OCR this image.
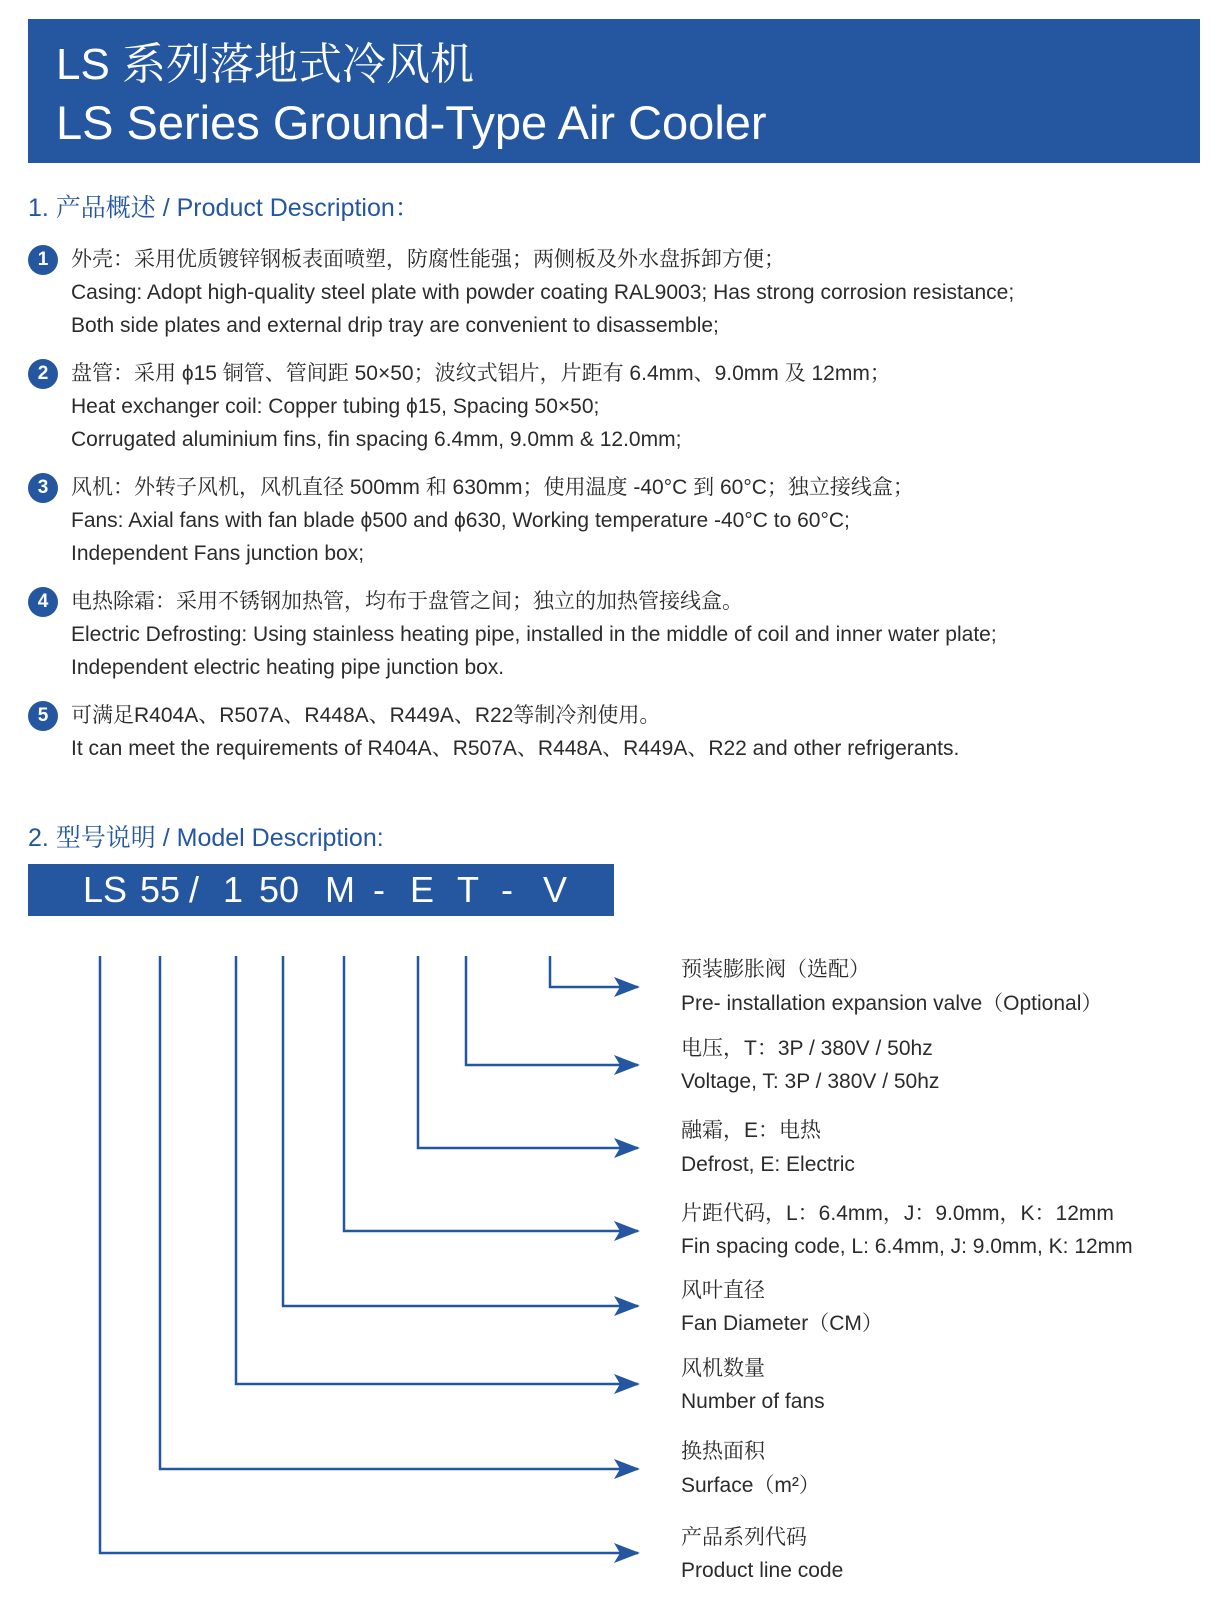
LS 系列落地式冷风机
LS Series Ground-Type Air Cooler
1. 产品概述 / Product Description：
1	外壳：采用优质镀锌钢板表面喷塑，防腐性能强；两侧板及外水盘拆卸方便；
Casing: Adopt high-quality steel plate with powder coating RAL9003; Has strong corrosion resistance;
Both side plates and external drip tray are convenient to disassemble;
2	盘管：采用 ϕ15 铜管、管间距 50×50；波纹式铝片，片距有 6.4mm、9.0mm 及 12mm；
Heat exchanger coil: Copper tubing ϕ15, Spacing 50×50;
Corrugated aluminium fins, fin spacing 6.4mm, 9.0mm & 12.0mm;
3	风机：外转子风机，风机直径 500mm 和 630mm；使用温度 -40°C 到 60°C；独立接线盒；
Fans: Axial fans with fan blade ϕ500 and ϕ630, Working temperature -40°C to 60°C;
Independent Fans junction box;
4	电热除霜：采用不锈钢加热管，均布于盘管之间；独立的加热管接线盒。
Electric Defrosting: Using stainless heating pipe, installed in the middle of coil and inner water plate;
Independent electric heating pipe junction box.
5	可满足R404A、R507A、R448A、R449A、R22等制冷剂使用。
It can meet the requirements of R404A、R507A、R448A、R449A、R22 and other refrigerants.
2. 型号说明 / Model Description:
LS 55 / 1 50 M - E T - V
预装膨胀阀（选配）
Pre- installation expansion valve（Optional）
电压，T：3P / 380V / 50hz
Voltage, T: 3P / 380V / 50hz
融霜，E：电热
Defrost, E: Electric
片距代码，L：6.4mm，J：9.0mm，K：12mm
Fin spacing code, L: 6.4mm, J: 9.0mm, K: 12mm
风叶直径
Fan Diameter（CM）
风机数量
Number of fans
换热面积
Surface（m²）
产品系列代码
Product line code
